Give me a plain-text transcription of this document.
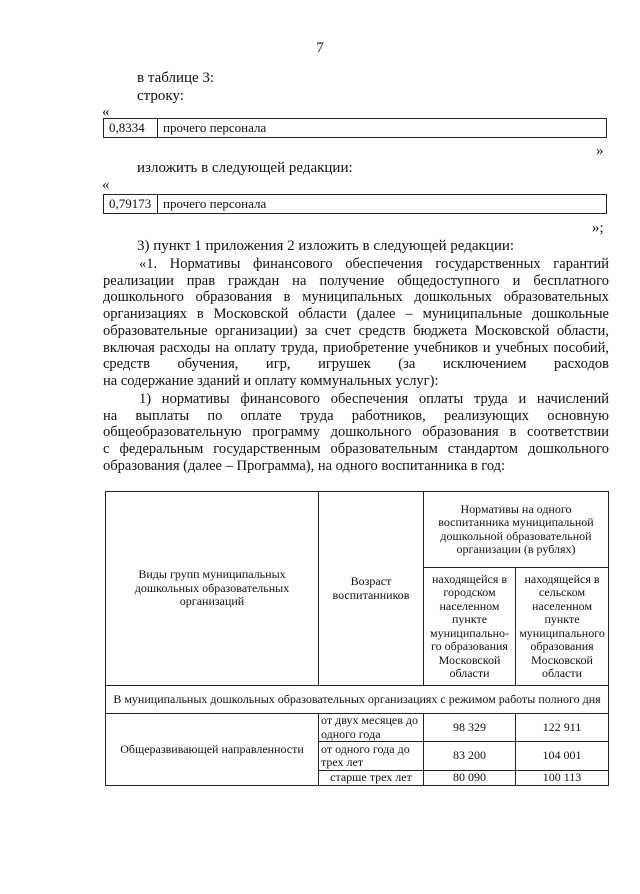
7
в таблице 3:
строку:
«
0,8334	прочего персонала
»
изложить в следующей редакции:
«
0,79173 прочего персонала
»;
3) пункт 1 приложения 2 изложить в следующей редакции:
«1. Нормативы финансового обеспечения государственных гарантий
реализации прав граждан на получение общедоступного и бесплатного
дошкольного образования в муниципальных дошкольных образовательных
организациях в Московской области (далее – муниципальные дошкольные
образовательные организации) за счет средств бюджета Московской области,
включая расходы на оплату труда, приобретение учебников и учебных пособий,
средств обучения, игр, игрушек (за исключением расходов
на содержание зданий и оплату коммунальных услуг):
1) нормативы финансового обеспечения оплаты труда и начислений
на выплаты по оплате труда работников, реализующих основную
общеобразовательную программу дошкольного образования в соответствии
с федеральным государственным образовательным стандартом дошкольного
образования (далее – Программа), на одного воспитанника в год:
Виды групп муниципальных дошкольных образовательных организаций	Возраст воспитанников	Нормативы на одного воспитанника муниципальной дошкольной образовательной организации (в рублях)	
		находящейся в городском населенном пункте муниципально-го образования Московской области	находящейся в сельском населенном пункте муниципального образования Московской области
В муниципальных дошкольных образовательных организациях с режимом работы полного дня			
Общеразвивающей направленности	от двух месяцев до одного года	98 329	122 911
	от одного года до трех лет	83 200	104 001
	старше трех лет	80 090	100 113
